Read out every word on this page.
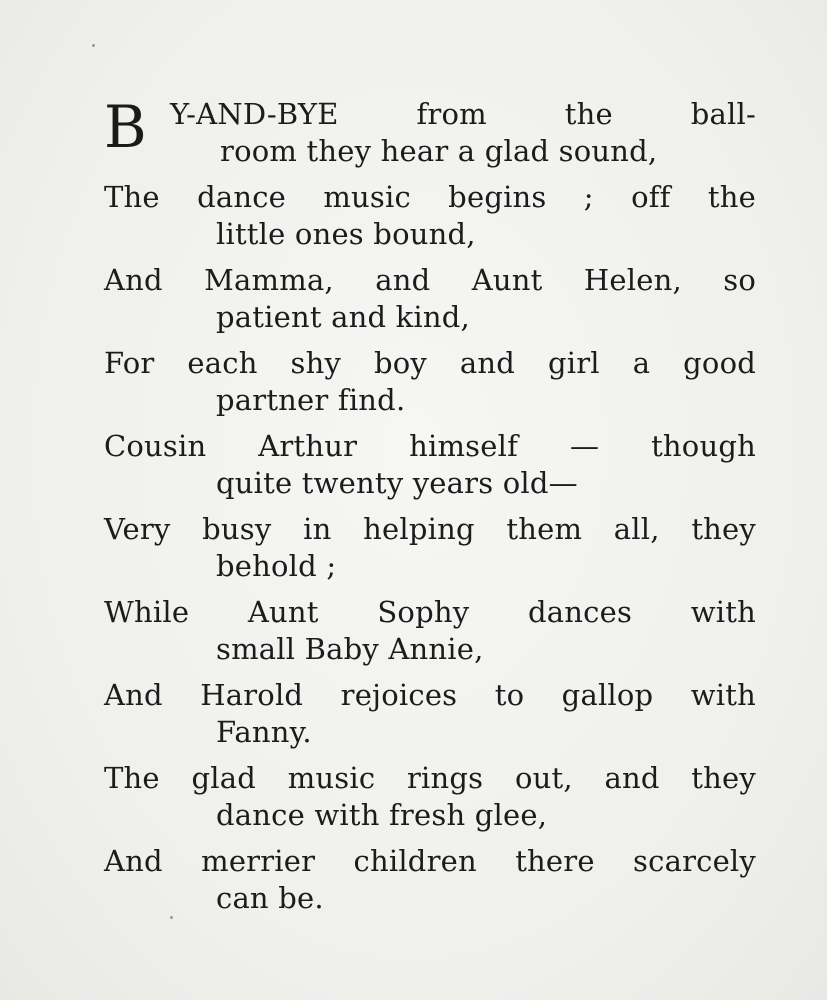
B Y-AND-BYE from the ball-
room they hear a glad sound,
The dance music begins ; off the
little ones bound,
And Mamma, and Aunt Helen, so
patient and kind,
For each shy boy and girl a good
partner find.
Cousin Arthur himself — though
quite twenty years old—
Very busy in helping them all, they
behold ;
While Aunt Sophy dances with
small Baby Annie,
And Harold rejoices to gallop with
Fanny.
The glad music rings out, and they
dance with fresh glee,
And merrier children there scarcely
can be.
